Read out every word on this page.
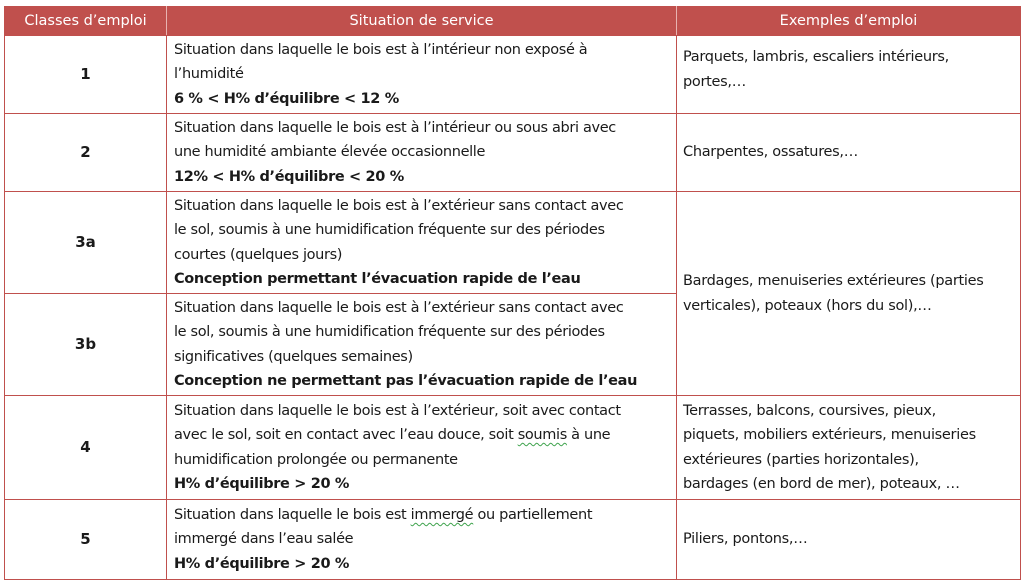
Classes d’emploi	Situation de service	Exemples d’emploi
1	Situation dans laquelle le bois est à l’intérieur non exposé à
l’humidité
6 % < H% d’équilibre < 12 %	Parquets, lambris, escaliers intérieurs,
portes,…

2	Situation dans laquelle le bois est à l’intérieur ou sous abri avec
une humidité ambiante élevée occasionnelle
12% < H% d’équilibre < 20 %	Charpentes, ossatures,…

3a	Situation dans laquelle le bois est à l’extérieur sans contact avec
le sol, soumis à une humidification fréquente sur des périodes
courtes (quelques jours)
Conception permettant l’évacuation rapide de l’eau	Bardages, menuiseries extérieures (parties
verticales), poteaux (hors du sol),…

3b	Situation dans laquelle le bois est à l’extérieur sans contact avec
le sol, soumis à une humidification fréquente sur des périodes
significatives (quelques semaines)
Conception ne permettant pas l’évacuation rapide de l’eau	

4	Situation dans laquelle le bois est à l’extérieur, soit avec contact
avec le sol, soit en contact avec l’eau douce, soit soumis à une
humidification prolongée ou permanente
H% d’équilibre > 20 %	Terrasses, balcons, coursives, pieux,
piquets, mobiliers extérieurs, menuiseries
extérieures (parties horizontales),
bardages (en bord de mer), poteaux, …

5	Situation dans laquelle le bois est immergé ou partiellement
immergé dans l’eau salée
H% d’équilibre > 20 %	Piliers, pontons,…
